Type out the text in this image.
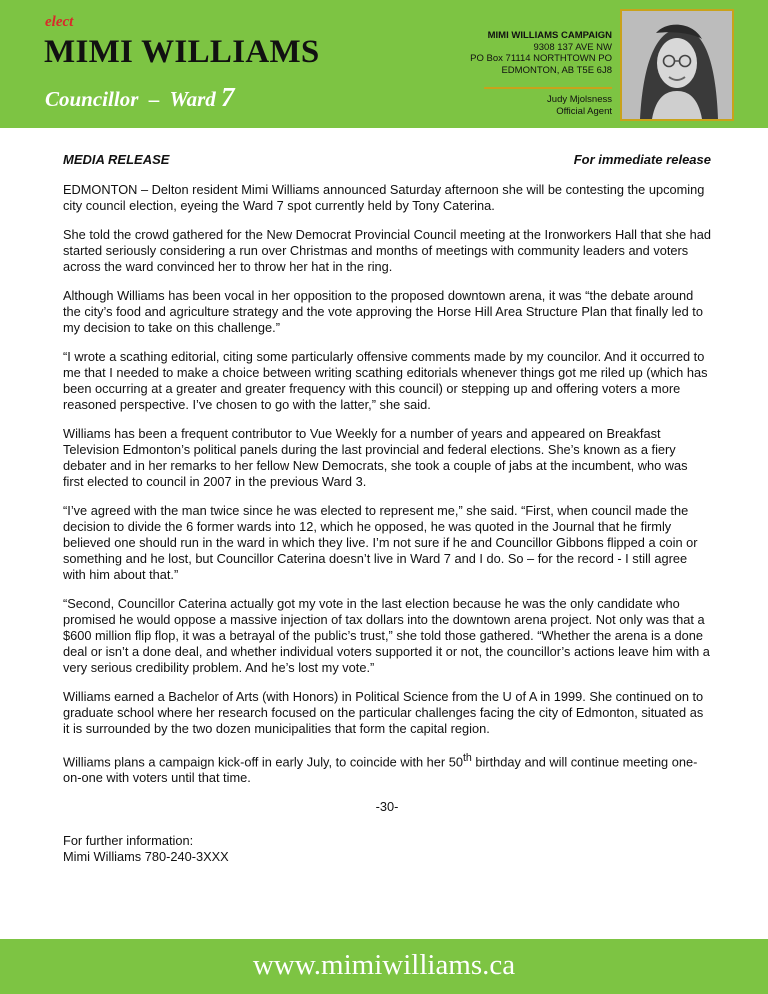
elect
MIMI WILLIAMS
Councillor  –  Ward 7
MIMI WILLIAMS CAMPAIGN
9308 137 AVE NW
PO Box 71114 NORTHTOWN PO
EDMONTON, AB T5E 6J8
Judy Mjolsness
Official Agent
MEDIA RELEASE	For immediate release

EDMONTON – Delton resident Mimi Williams announced Saturday afternoon she will be contesting the upcoming city council election, eyeing the Ward 7 spot currently held by Tony Caterina.

She told the crowd gathered for the New Democrat Provincial Council meeting at the Ironworkers Hall that she had started seriously considering a run over Christmas and months of meetings with community leaders and voters across the ward convinced her to throw her hat in the ring.

Although Williams has been vocal in her opposition to the proposed downtown arena, it was “the debate around the city’s food and agriculture strategy and the vote approving the Horse Hill Area Structure Plan that finally led to my decision to take on this challenge.”

“I wrote a scathing editorial, citing some particularly offensive comments made by my councilor. And it occurred to me that I needed to make a choice between writing scathing editorials whenever things got me riled up (which has been occurring at a greater and greater frequency with this council) or stepping up and offering voters a more reasoned perspective. I’ve chosen to go with the latter,” she said.

Williams has been a frequent contributor to Vue Weekly for a number of years and appeared on Breakfast Television Edmonton’s political panels during the last provincial and federal elections. She’s known as a fiery debater and in her remarks to her fellow New Democrats, she took a couple of jabs at the incumbent, who was first elected to council in 2007 in the previous Ward 3.

“I’ve agreed with the man twice since he was elected to represent me,” she said. “First, when council made the decision to divide the 6 former wards into 12, which he opposed, he was quoted in the Journal that he firmly believed one should run in the ward in which they live. I’m not sure if he and Councillor Gibbons flipped a coin or something and he lost, but Councillor Caterina doesn’t live in Ward 7 and I do. So – for the record - I still agree with him about that.”

“Second, Councillor Caterina actually got my vote in the last election because he was the only candidate who promised he would oppose a massive injection of tax dollars into the downtown arena project. Not only was that a $600 million flip flop, it was a betrayal of the public’s trust,” she told those gathered. “Whether the arena is a done deal or isn’t a done deal, and whether individual voters supported it or not, the councillor’s actions leave him with a very serious credibility problem. And he’s lost my vote.”

Williams earned a Bachelor of Arts (with Honors) in Political Science from the U of A in 1999. She continued on to graduate school where her research focused on the particular challenges facing the city of Edmonton, situated as it is surrounded by the two dozen municipalities that form the capital region.

Williams plans a campaign kick-off in early July, to coincide with her 50th birthday and will continue meeting one-on-one with voters until that time.

-30-
For further information:
Mimi Williams 780-240-3XXX
www.mimiwilliams.ca
